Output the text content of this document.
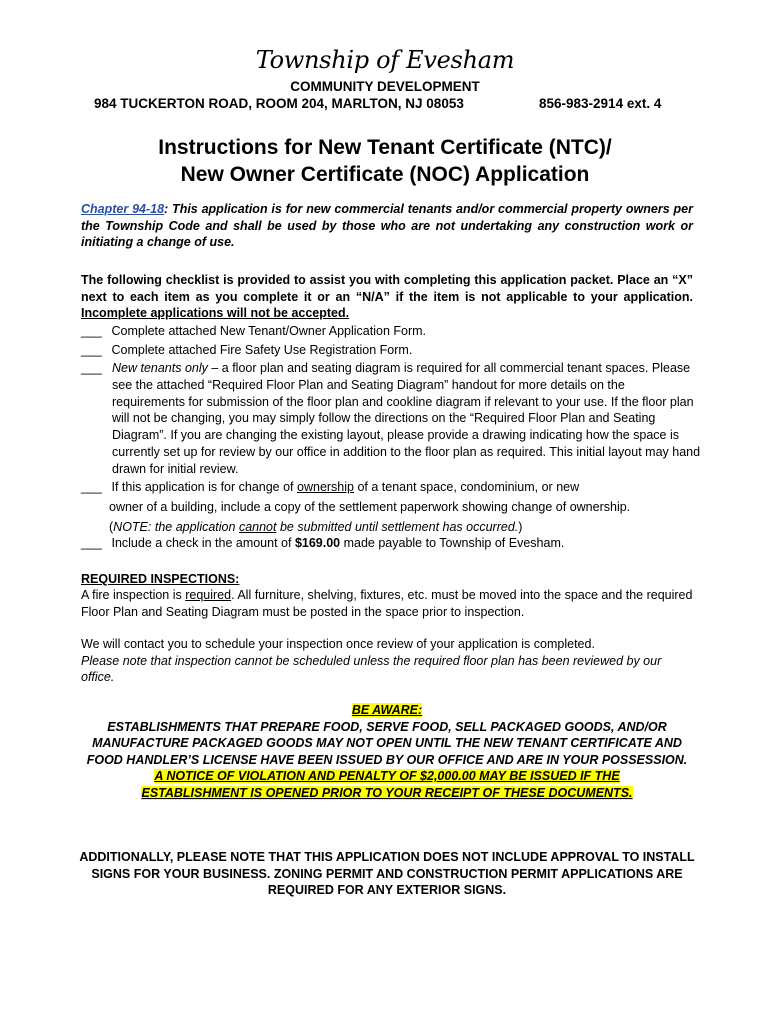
Township of Evesham
COMMUNITY DEVELOPMENT
984 TUCKERTON ROAD, ROOM 204, MARLTON, NJ 08053	856-983-2914 ext. 4
Instructions for New Tenant Certificate (NTC)/
New Owner Certificate (NOC) Application
Chapter 94-18: This application is for new commercial tenants and/or commercial property owners per the Township Code and shall be used by those who are not undertaking any construction work or initiating a change of use.
The following checklist is provided to assist you with completing this application packet. Place an “X” next to each item as you complete it or an “N/A” if the item is not applicable to your application. Incomplete applications will not be accepted.
___ Complete attached New Tenant/Owner Application Form.
___ Complete attached Fire Safety Use Registration Form.
___ New tenants only – a floor plan and seating diagram is required for all commercial tenant spaces. Please see the attached “Required Floor Plan and Seating Diagram” handout for more details on the requirements for submission of the floor plan and cookline diagram if relevant to your use. If the floor plan will not be changing, you may simply follow the directions on the “Required Floor Plan and Seating Diagram”. If you are changing the existing layout, please provide a drawing indicating how the space is currently set up for review by our office in addition to the floor plan as required. This initial layout may hand drawn for initial review.
___ If this application is for change of ownership of a tenant space, condominium, or new
owner of a building, include a copy of the settlement paperwork showing change of ownership.
(NOTE: the application cannot be submitted until settlement has occurred.)
___ Include a check in the amount of $169.00 made payable to Township of Evesham.
REQUIRED INSPECTIONS:
A fire inspection is required. All furniture, shelving, fixtures, etc. must be moved into the space and the required Floor Plan and Seating Diagram must be posted in the space prior to inspection.
We will contact you to schedule your inspection once review of your application is completed.
Please note that inspection cannot be scheduled unless the required floor plan has been reviewed by our office.
BE AWARE:
ESTABLISHMENTS THAT PREPARE FOOD, SERVE FOOD, SELL PACKAGED GOODS, AND/OR MANUFACTURE PACKAGED GOODS MAY NOT OPEN UNTIL THE NEW TENANT CERTIFICATE AND FOOD HANDLER’S LICENSE HAVE BEEN ISSUED BY OUR OFFICE AND ARE IN YOUR POSSESSION.
A NOTICE OF VIOLATION AND PENALTY OF $2,000.00 MAY BE ISSUED IF THE
ESTABLISHMENT IS OPENED PRIOR TO YOUR RECEIPT OF THESE DOCUMENTS.
ADDITIONALLY, PLEASE NOTE THAT THIS APPLICATION DOES NOT INCLUDE APPROVAL TO INSTALL SIGNS FOR YOUR BUSINESS. ZONING PERMIT AND CONSTRUCTION PERMIT APPLICATIONS ARE REQUIRED FOR ANY EXTERIOR SIGNS.
